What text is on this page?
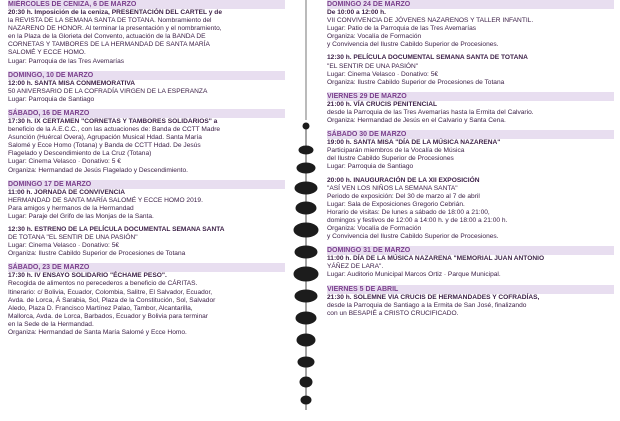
MIÉRCOLES DE CENIZA, 6 DE MARZO
20:30 h. Imposición de la ceniza, PRESENTACIÓN DEL CARTEL y de
la REVISTA DE LA SEMANA SANTA DE TOTANA. Nombramiento del
NAZARENO DE HONOR. Al terminar la presentación y el nombramiento,
en la Plaza de la Glorieta del Convento, actuación de la BANDA DE
CORNETAS Y TAMBORES DE LA HERMANDAD DE SANTA MARÍA
SALOMÉ Y ECCE HOMO.
Lugar: Parroquia de las Tres Avemarías
DOMINGO, 10 DE MARZO
12:00 h. SANTA MISA CONMEMORATIVA
50 ANIVERSARIO DE LA COFRADÍA VIRGEN DE LA ESPERANZA
Lugar: Parroquia de Santiago
SÁBADO, 16 DE MARZO
17:30 h. IX CERTAMEN "CORNETAS Y TAMBORES SOLIDARIOS" a
beneficio de la A.E.C.C., con las actuaciones de: Banda de CCTT Madre
Asunción (Huércal Overa), Agrupación Musical Hdad. Santa María
Salomé y Ecce Homo (Totana) y Banda de CCTT Hdad. De Jesús
Flagelado y Descendimiento de La Cruz (Totana)
Lugar: Cinema Velasco · Donativo: 5 €
Organiza: Hermandad de Jesús Flagelado y Descendimiento.
DOMINGO 17 DE MARZO
11:00 h. JORNADA DE CONVIVENCIA
HERMANDAD DE SANTA MARÍA SALOMÉ Y ECCE HOMO 2019.
Para amigos y hermanos de la Hermandad
Lugar: Paraje del Grifo de las Monjas de la Santa.
12:30 h. ESTRENO DE LA PELÍCULA DOCUMENTAL SEMANA SANTA
DE TOTANA "EL SENTIR DE UNA PASIÓN"
Lugar: Cinema Velasco · Donativo: 5€
Organiza: Ilustre Cabildo Superior de Procesiones de Totana
SÁBADO, 23 DE MARZO
17:30 h. IV ENSAYO SOLIDARIO "ÉCHAME PESO".
Recogida de alimentos no perecederos a beneficio de CÁRITAS.
Itinerario: c/ Bolivia, Ecuador, Colombia, Salitre, El Salvador, Ecuador,
Avda. de Lorca, Á Sarabia, Sol, Plaza de la Constitución, Sol, Salvador
Aledo, Plaza D. Francisco Martínez Palao, Tambor, Alcantarilla,
Mallorca, Avda. de Lorca, Barbados, Ecuador y Bolivia para terminar
en la Sede de la Hermandad.
Organiza: Hermandad de Santa María Salomé y Ecce Homo.
DOMINGO 24 DE MARZO
De 10:00 a 12:00 h.
VII CONVIVENCIA DE JÓVENES NAZARENOS Y TALLER INFANTIL.
Lugar: Patio de la Parroquia de las Tres Avemarías
Organiza: Vocalía de Formación
y Convivencia del Ilustre Cabildo Superior de Procesiones.
12:30 h. PELÍCULA DOCUMENTAL SEMANA SANTA DE TOTANA
"EL SENTIR DE UNA PASIÓN"
Lugar: Cinema Velasco · Donativo: 5€
Organiza: Ilustre Cabildo Superior de Procesiones de Totana
VIERNES 29 DE MARZO
21:00 h. VÍA CRUCIS PENITENCIAL
desde la Parroquia de las Tres Avemarías hasta la Ermita del Calvario.
Organiza: Hermandad de Jesús en el Calvario y Santa Cena.
SÁBADO 30 DE MARZO
19:00 h. SANTA MISA "DÍA DE LA MÚSICA NAZARENA"
Participarán miembros de la Vocalía de Música
del Ilustre Cabildo Superior de Procesiones
Lugar: Parroquia de Santiago
20:00 h. INAUGURACIÓN DE LA XII EXPOSICIÓN
"ASÍ VEN LOS NIÑOS LA SEMANA SANTA"
Periodo de exposición: Del 30 de marzo al 7 de abril
Lugar: Sala de Exposiciones Gregorio Cebrián.
Horario de visitas: De lunes a sábado de 18:00 a 21:00,
domingos y festivos de 12:00 a 14:00 h. y de 18:00 a 21:00 h.
Organiza: Vocalía de Formación
y Convivencia del Ilustre Cabildo Superior de Procesiones.
DOMINGO 31 DE MARZO
11:00 h. DÍA DE LA MÚSICA NAZARENA "MEMORIAL JUAN ANTONIO
YÁÑEZ DE LARA".
Lugar: Auditorio Municipal Marcos Ortiz · Parque Municipal.
VIERNES 5 DE ABRIL
21:30 h. SOLEMNE VIA CRUCIS DE HERMANDADES Y COFRADÍAS,
desde la Parroquia de Santiago a la Ermita de San José, finalizando
con un BESAPIÉ a CRISTO CRUCIFICADO.
